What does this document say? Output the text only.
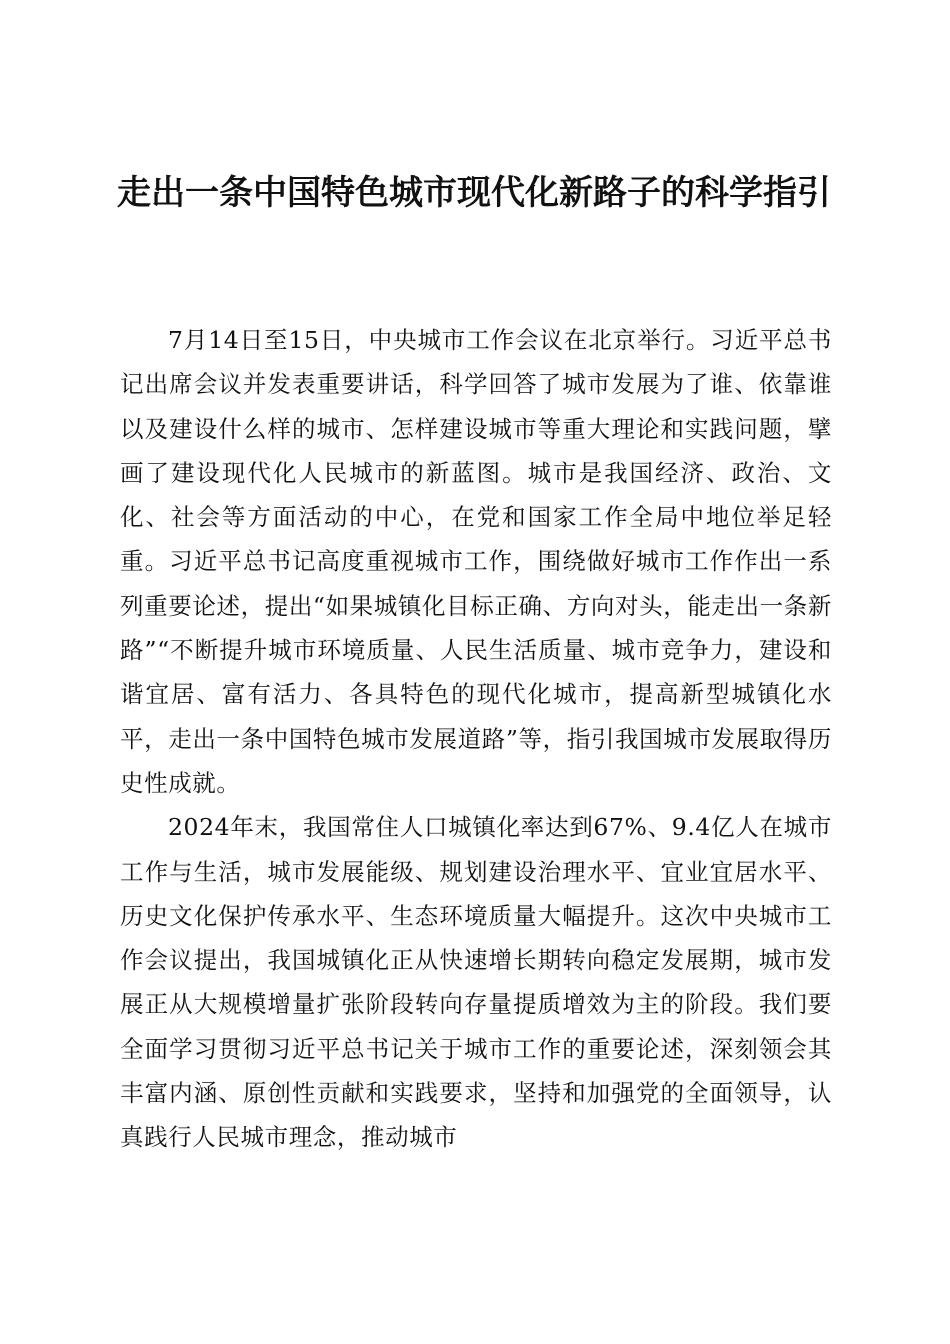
走出一条中国特色城市现代化新路子的科学指引

7月14日至15日，中央城市工作会议在北京举行。习近平总书记出席会议并发表重要讲话，科学回答了城市发展为了谁、依靠谁以及建设什么样的城市、怎样建设城市等重大理论和实践问题，擘画了建设现代化人民城市的新蓝图。城市是我国经济、政治、文化、社会等方面活动的中心，在党和国家工作全局中地位举足轻重。习近平总书记高度重视城市工作，围绕做好城市工作作出一系列重要论述，提出“如果城镇化目标正确、方向对头，能走出一条新路”“不断提升城市环境质量、人民生活质量、城市竞争力，建设和谐宜居、富有活力、各具特色的现代化城市，提高新型城镇化水平，走出一条中国特色城市发展道路”等，指引我国城市发展取得历史性成就。

2024年末，我国常住人口城镇化率达到67%、9.4亿人在城市工作与生活，城市发展能级、规划建设治理水平、宜业宜居水平、历史文化保护传承水平、生态环境质量大幅提升。这次中央城市工作会议提出，我国城镇化正从快速增长期转向稳定发展期，城市发展正从大规模增量扩张阶段转向存量提质增效为主的阶段。我们要全面学习贯彻习近平总书记关于城市工作的重要论述，深刻领会其丰富内涵、原创性贡献和实践要求，坚持和加强党的全面领导，认真践行人民城市理念，推动城市
